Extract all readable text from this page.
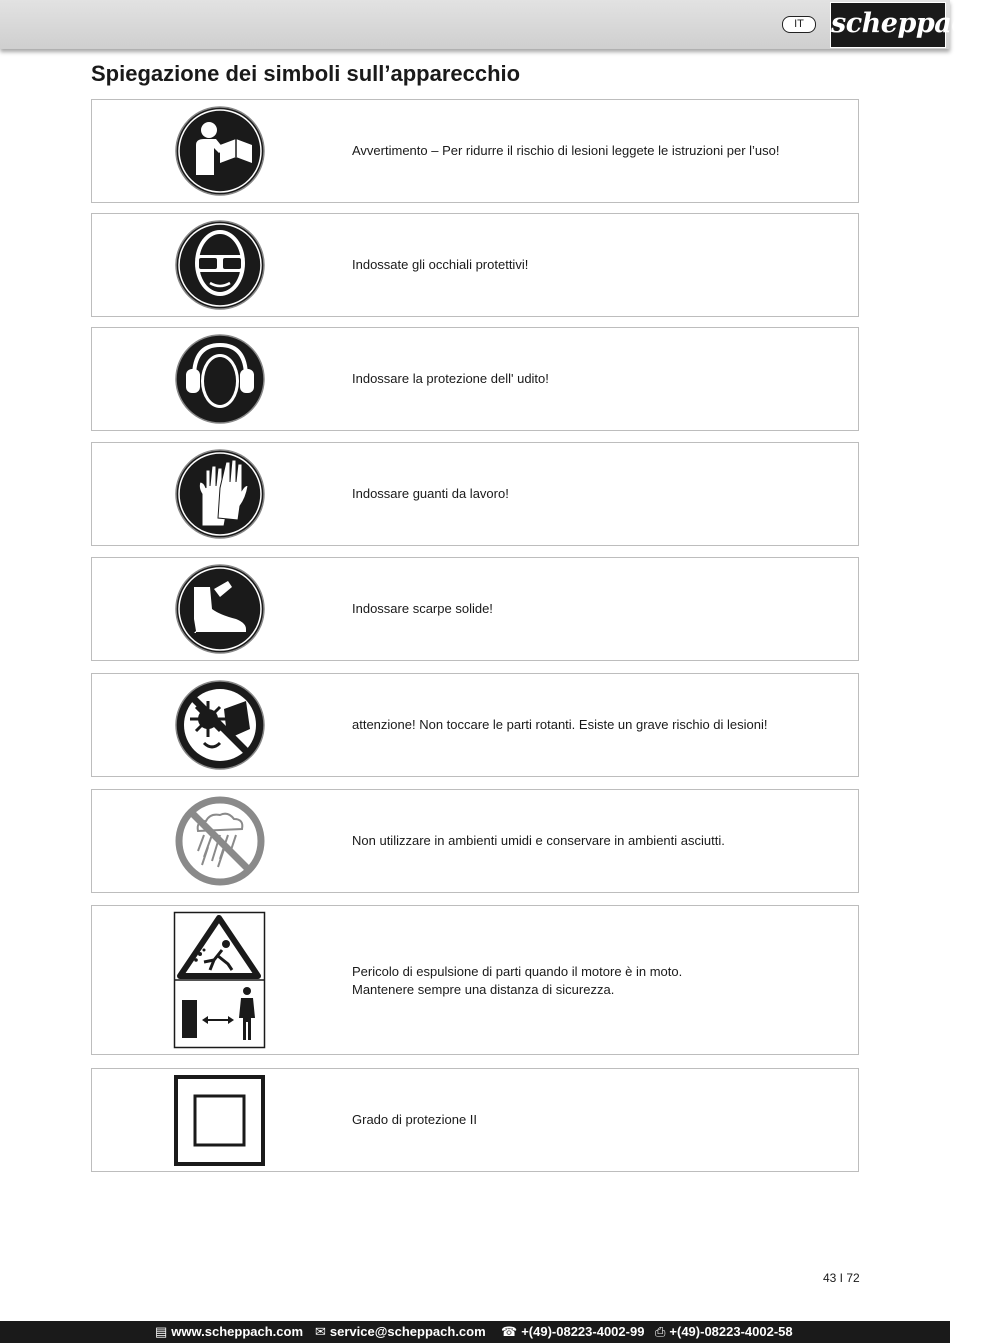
IT	scheppach
Spiegazione dei simboli sull’apparecchio
Avvertimento – Per ridurre il rischio di lesioni leggete le istruzioni per l’uso!
Indossate gli occhiali protettivi!
Indossare la protezione dell' udito!
Indossare guanti da lavoro!
Indossare scarpe solide!
attenzione! Non toccare le parti rotanti. Esiste un grave rischio di lesioni!
Non utilizzare in ambienti umidi e conservare in ambienti asciutti.
Pericolo di espulsione di parti quando il motore è in moto.
Mantenere sempre una distanza di sicurezza.
Grado di protezione II
43 I 72
▤ www.scheppach.com ✉ service@scheppach.com ☎ +(49)-08223-4002-99 ⎙ +(49)-08223-4002-58
